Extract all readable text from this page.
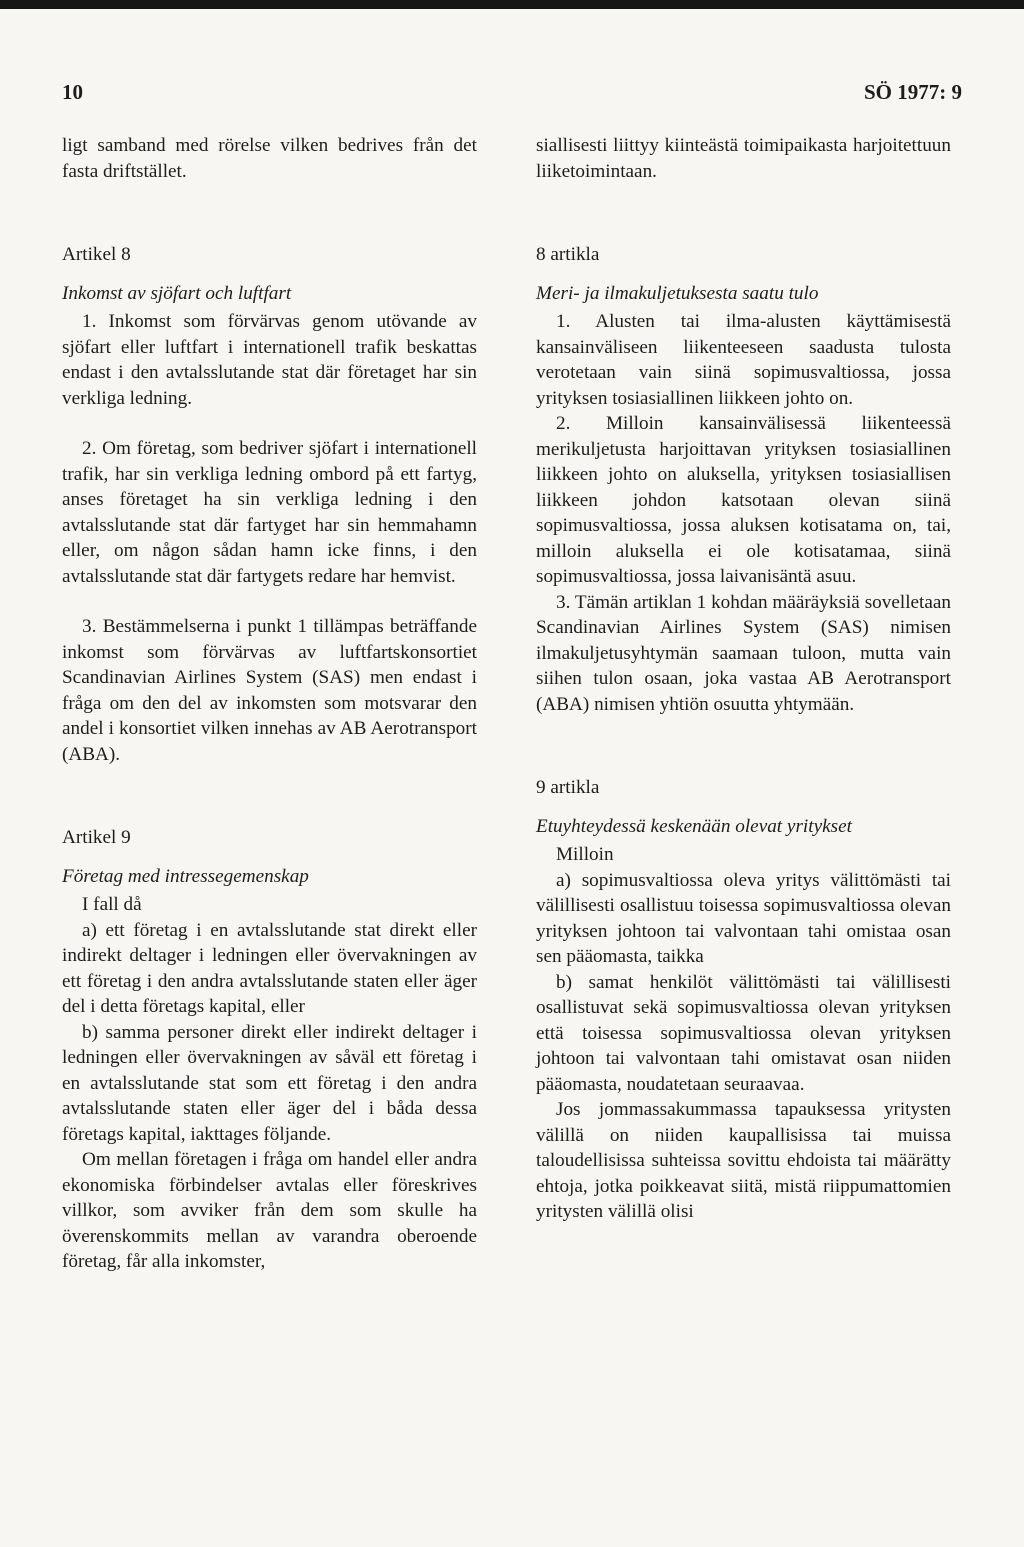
10	SÖ 1977: 9

ligt samband med rörelse vilken bedrives från det fasta driftstället.

Artikel 8

Inkomst av sjöfart och luftfart

1. Inkomst som förvärvas genom utövande av sjöfart eller luftfart i internationell trafik beskattas endast i den avtalsslutande stat där företaget har sin verkliga ledning.

2. Om företag, som bedriver sjöfart i internationell trafik, har sin verkliga ledning ombord på ett fartyg, anses företaget ha sin verkliga ledning i den avtalsslutande stat där fartyget har sin hemmahamn eller, om någon sådan hamn icke finns, i den avtalsslutande stat där fartygets redare har hemvist.

3. Bestämmelserna i punkt 1 tillämpas beträffande inkomst som förvärvas av luftfartskonsortiet Scandinavian Airlines System (SAS) men endast i fråga om den del av inkomsten som motsvarar den andel i konsortiet vilken innehas av AB Aerotransport (ABA).

Artikel 9

Företag med intressegemenskap

I fall då

a) ett företag i en avtalsslutande stat direkt eller indirekt deltager i ledningen eller övervakningen av ett företag i den andra avtalsslutande staten eller äger del i detta företags kapital, eller

b) samma personer direkt eller indirekt deltager i ledningen eller övervakningen av såväl ett företag i en avtalsslutande stat som ett företag i den andra avtalsslutande staten eller äger del i båda dessa företags kapital, iakttages följande.

Om mellan företagen i fråga om handel eller andra ekonomiska förbindelser avtalas eller föreskrives villkor, som avviker från dem som skulle ha överenskommits mellan av varandra oberoende företag, får alla inkomster,

siallisesti liittyy kiinteästä toimipaikasta harjoitettuun liiketoimintaan.

8 artikla

Meri- ja ilmakuljetuksesta saatu tulo

1. Alusten tai ilma-alusten käyttämisestä kansainväliseen liikenteeseen saadusta tulosta verotetaan vain siinä sopimusvaltiossa, jossa yrityksen tosiasiallinen liikkeen johto on.

2. Milloin kansainvälisessä liikenteessä merikuljetusta harjoittavan yrityksen tosiasiallinen liikkeen johto on aluksella, yrityksen tosiasiallisen liikkeen johdon katsotaan olevan siinä sopimusvaltiossa, jossa aluksen kotisatama on, tai, milloin aluksella ei ole kotisatamaa, siinä sopimusvaltiossa, jossa laivanisäntä asuu.

3. Tämän artiklan 1 kohdan määräyksiä sovelletaan Scandinavian Airlines System (SAS) nimisen ilmakuljetusyhtymän saamaan tuloon, mutta vain siihen tulon osaan, joka vastaa AB Aerotransport (ABA) nimisen yhtiön osuutta yhtymään.

9 artikla

Etuyhteydessä keskenään olevat yritykset

Milloin

a) sopimusvaltiossa oleva yritys välittömästi tai välillisesti osallistuu toisessa sopimusvaltiossa olevan yrityksen johtoon tai valvontaan tahi omistaa osan sen pääomasta, taikka

b) samat henkilöt välittömästi tai välillisesti osallistuvat sekä sopimusvaltiossa olevan yrityksen että toisessa sopimusvaltiossa olevan yrityksen johtoon tai valvontaan tahi omistavat osan niiden pääomasta, noudatetaan seuraavaa.

Jos jommassakummassa tapauksessa yritysten välillä on niiden kaupallisissa tai muissa taloudellisissa suhteissa sovittu ehdoista tai määrätty ehtoja, jotka poikkeavat siitä, mistä riippumattomien yritysten välillä olisi
